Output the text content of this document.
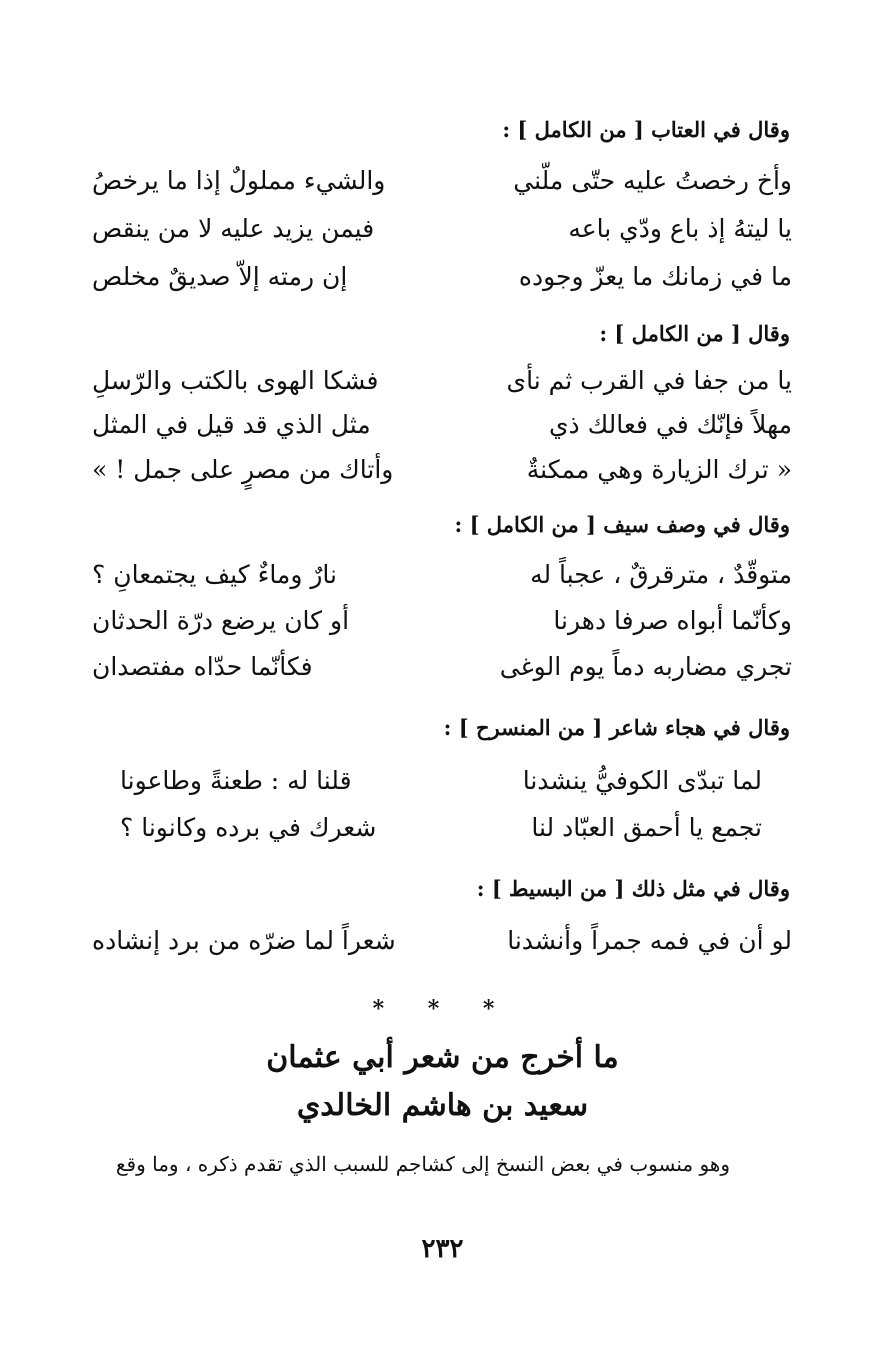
وقال في العتاب [ من الكامل ] :
وأخ رخصتُ عليه حتّى ملّني
والشيء مملولٌ إذا ما يرخصُ
يا ليتهُ إذ باع ودّي باعه
فيمن يزيد عليه لا من ينقص
ما في زمانك ما يعزّ وجوده
إن رمته إلاّ صديقٌ مخلص
وقال [ من الكامل ] :
يا من جفا في القرب ثم نأى
فشكا الهوى بالكتب والرّسلِ
مهلاً فإنّك في فعالك ذي
مثل الذي قد قيل في المثل
« ترك الزيارة وهي ممكنةٌ
وأتاك من مصرٍ على جمل ! »
وقال في وصف سيف [ من الكامل ] :
متوقّدٌ ، مترقرقٌ ، عجباً له
نارٌ وماءٌ كيف يجتمعانِ ؟
وكأنّما أبواه صرفا دهرنا
أو كان يرضع درّة الحدثان
تجري مضاربه دماً يوم الوغى
فكأنّما حدّاه مفتصدان
وقال في هجاء شاعر [ من المنسرح ] :
لما تبدّى الكوفيُّ ينشدنا
قلنا له : طعنةً وطاعونا
تجمع يا أحمق العبّاد لنا
شعرك في برده وكانونا ؟
وقال في مثل ذلك [ من البسيط ] :
لو أن في فمه جمراً وأنشدنا
شعراً لما ضرّه من برد إنشاده
* * *
ما أخرج من شعر أبي عثمان
سعيد بن هاشم الخالدي
وهو منسوب في بعض النسخ إلى كشاجم للسبب الذي تقدم ذكره ، وما وقع
٢٣٢
